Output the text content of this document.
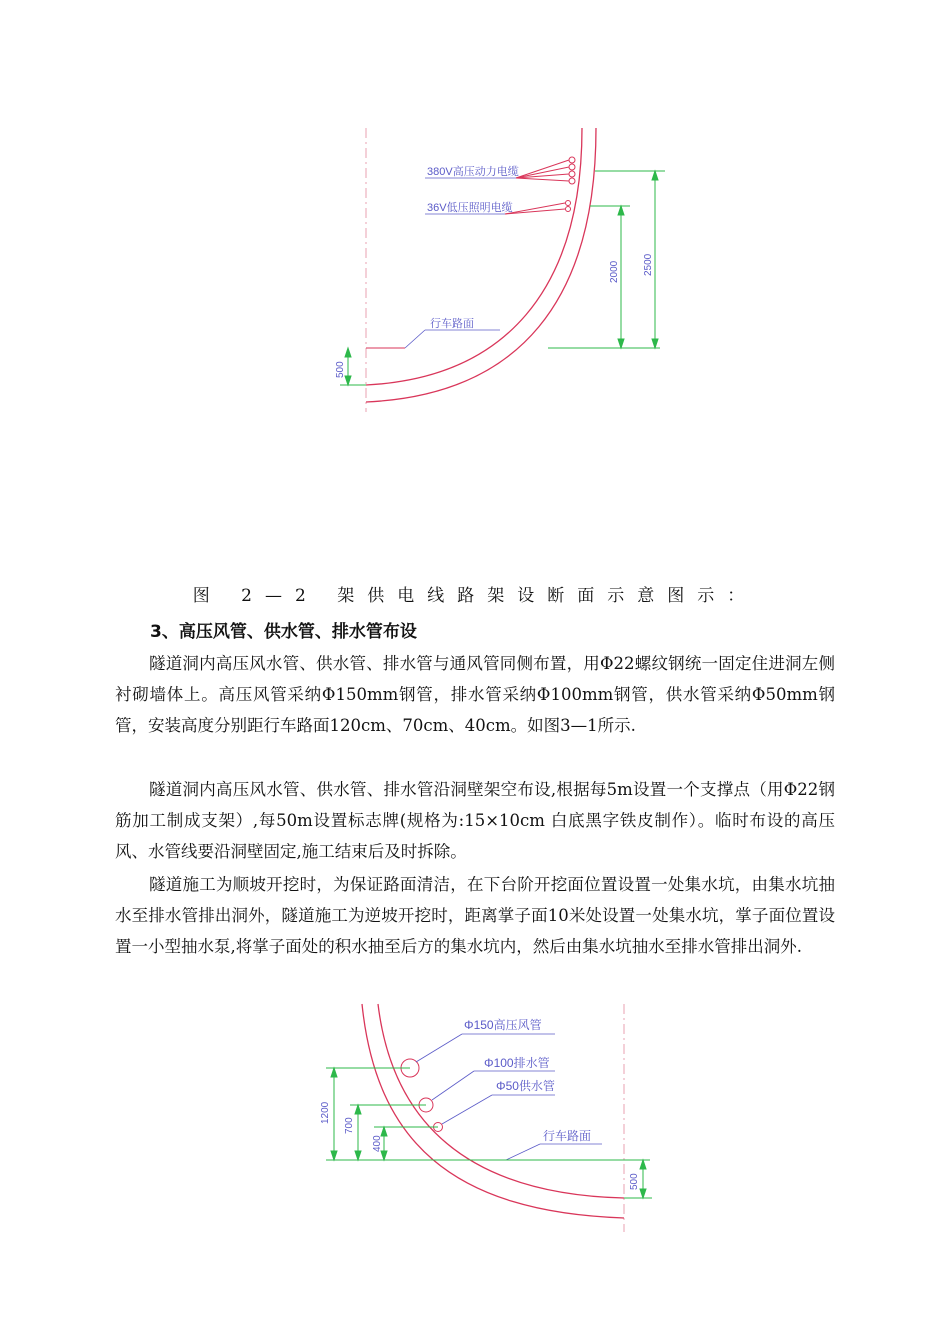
380V高压动力电缆
36V低压照明电缆
行车路面
2000 2500
500
图 2—2 架供电线路架设断面示意图示：
3、高压风管、供水管、排水管布设

隧道洞内高压风水管、供水管、排水管与通风管同侧布置，用Φ22螺纹钢统一固定住进洞左侧衬砌墙体上。高压风管采纳Φ150mm钢管，排水管采纳Φ100mm钢管，供水管采纳Φ50mm钢管，安装高度分别距行车路面120cm、70cm、40cm。如图3—1所示.

隧道洞内高压风水管、供水管、排水管沿洞壁架空布设,根据每5m设置一个支撑点（用Φ22钢筋加工制成支架）,每50m设置标志牌(规格为:15×10cm 白底黑字铁皮制作）。临时布设的高压风、水管线要沿洞壁固定,施工结束后及时拆除。

隧道施工为顺坡开挖时，为保证路面清洁，在下台阶开挖面位置设置一处集水坑，由集水坑抽水至排水管排出洞外，隧道施工为逆坡开挖时，距离掌子面10米处设置一处集水坑，掌子面位置设置一小型抽水泵,将掌子面处的积水抽至后方的集水坑内，然后由集水坑抽水至排水管排出洞外.

Φ150高压风管
Φ100排水管
Φ50供水管
行车路面
1200
700
400
500
